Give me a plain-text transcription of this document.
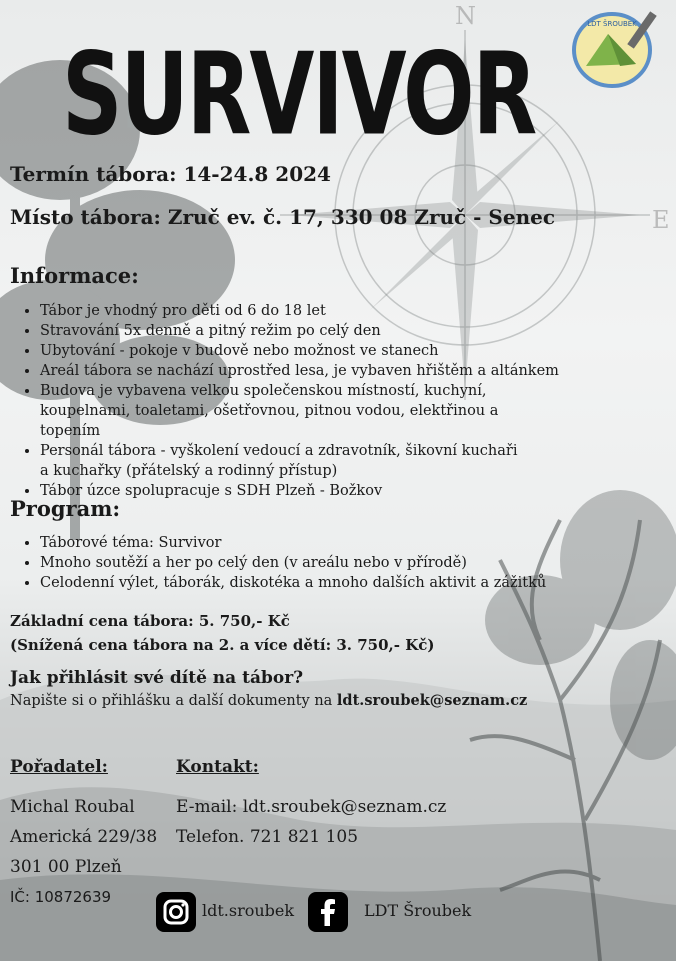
N
E
SURVIVOR
LDT ŠROUBEK
Termín tábora: 14-24.8 2024
Místo tábora: Zruč ev. č. 17, 330 08 Zruč - Senec
Informace:
• Tábor je vhodný pro děti od 6 do 18 let
• Stravování 5x denně a pitný režim po celý den
• Ubytování - pokoje v budově nebo možnost ve stanech
• Areál tábora se nachází uprostřed lesa, je vybaven hřištěm a altánkem
• Budova je vybavena velkou společenskou místností, kuchyní, koupelnami, toaletami, ošetřovnou, pitnou vodou, elektřinou a topením
• Personál tábora - vyškolení vedoucí a zdravotník, šikovní kuchaři a kuchařky (přátelský a rodinný přístup)
• Tábor úzce spolupracuje s SDH Plzeň - Božkov
Program:
• Táborové téma: Survivor
• Mnoho soutěží a her po celý den (v areálu nebo v přírodě)
• Celodenní výlet, táborák, diskotéka a mnoho dalších aktivit a zážitků
Základní cena tábora: 5. 750,- Kč
(Snížená cena tábora na 2. a více dětí: 3. 750,- Kč)
Jak přihlásit své dítě na tábor?
Napište si o přihlášku a další dokumenty na ldt.sroubek@seznam.cz
Pořadatel:
Michal Roubal
Americká 229/38
301 00 Plzeň
IČ: 10872639
Kontakt:
E-mail: ldt.sroubek@seznam.cz
Telefon. 721 821 105
ldt.sroubek	LDT Šroubek
